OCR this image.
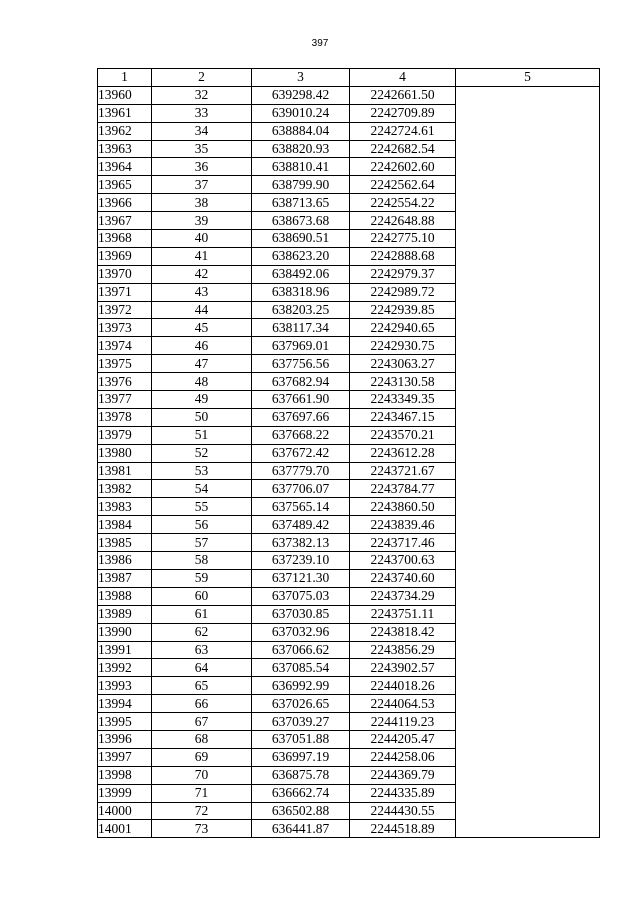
397
1	2	3	4	5
13960	32	639298.42	2242661.50	
13961	33	639010.24	2242709.89	
13962	34	638884.04	2242724.61	
13963	35	638820.93	2242682.54	
13964	36	638810.41	2242602.60	
13965	37	638799.90	2242562.64	
13966	38	638713.65	2242554.22	
13967	39	638673.68	2242648.88	
13968	40	638690.51	2242775.10	
13969	41	638623.20	2242888.68	
13970	42	638492.06	2242979.37	
13971	43	638318.96	2242989.72	
13972	44	638203.25	2242939.85	
13973	45	638117.34	2242940.65	
13974	46	637969.01	2242930.75	
13975	47	637756.56	2243063.27	
13976	48	637682.94	2243130.58	
13977	49	637661.90	2243349.35	
13978	50	637697.66	2243467.15	
13979	51	637668.22	2243570.21	
13980	52	637672.42	2243612.28	
13981	53	637779.70	2243721.67	
13982	54	637706.07	2243784.77	
13983	55	637565.14	2243860.50	
13984	56	637489.42	2243839.46	
13985	57	637382.13	2243717.46	
13986	58	637239.10	2243700.63	
13987	59	637121.30	2243740.60	
13988	60	637075.03	2243734.29	
13989	61	637030.85	2243751.11	
13990	62	637032.96	2243818.42	
13991	63	637066.62	2243856.29	
13992	64	637085.54	2243902.57	
13993	65	636992.99	2244018.26	
13994	66	637026.65	2244064.53	
13995	67	637039.27	2244119.23	
13996	68	637051.88	2244205.47	
13997	69	636997.19	2244258.06	
13998	70	636875.78	2244369.79	
13999	71	636662.74	2244335.89	
14000	72	636502.88	2244430.55	
14001	73	636441.87	2244518.89	
